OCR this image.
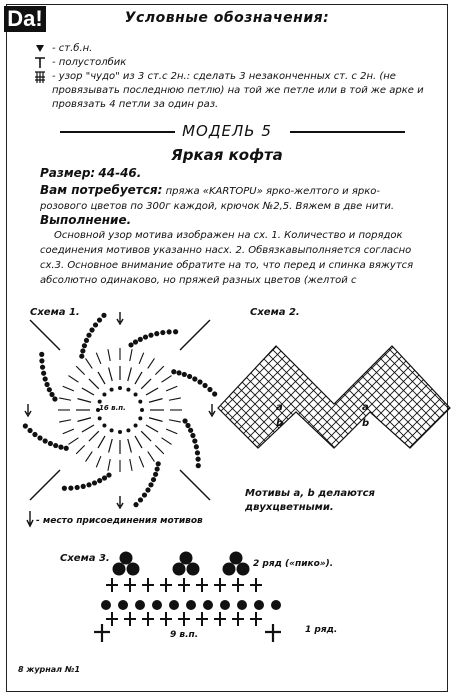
Da!	Условные обозначения:
- ст.б.н.
- полустолбик
- узор "чудо" из 3 ст.с 2н.: сделать 3 незаконченных ст. с 2н. (не провязывать последнюю петлю) на той же петле или в той же арке и провязать 4 петли за один раз.
МОДЕЛЬ 5
Яркая кофта
Размер: 44-46.
Вам потребуется: пряжа «KARTOPU» ярко-желтого и ярко-розового цветов по 300г каждой, крючок №2,5. Вяжем в две нити.
Выполнение.
Основной узор мотива изображен на сх. 1. Количество и порядок соединения мотивов указанно насх. 2. Обвязкавыполняется согласно сх.3. Основное внимание обратите на то, что перед и спинка вяжутся абсолютно одинаково, но пряжей разных цветов (желтой с
Схема 1.	Схема 2.
16 в.п.	a
b
a
b
Мотивы a, b делаются двухцветными.
- место присоединения мотивов
Схема 3.	2 ряд («пико»).
1 ряд.
9 в.п.
8 журнал №1
